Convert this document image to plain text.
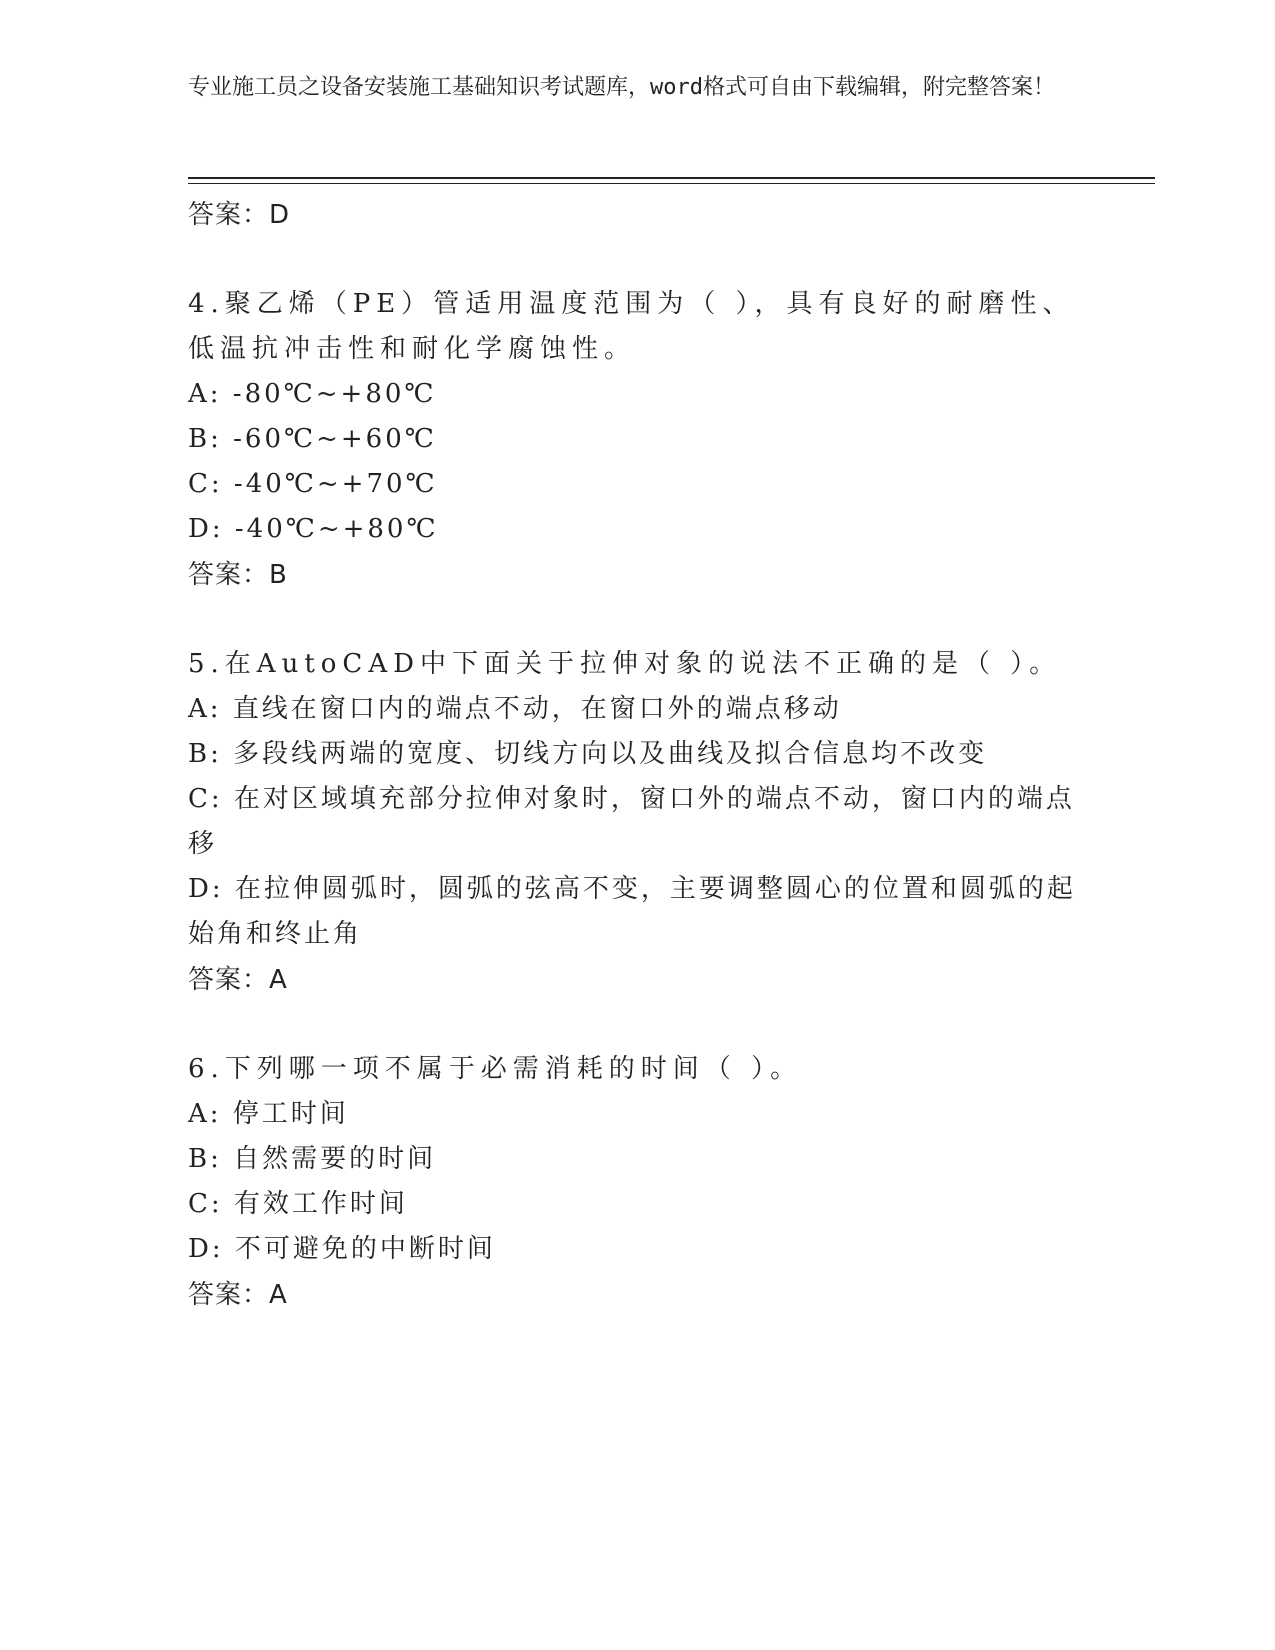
专业施工员之设备安装施工基础知识考试题库，word格式可自由下载编辑，附完整答案！
答案：D
4.聚乙烯（PE）管适用温度范围为（ ），具有良好的耐磨性、低温抗冲击性和耐化学腐蚀性。
A: -80℃~+80℃
B: -60℃~+60℃
C: -40℃~+70℃
D: -40℃~+80℃
答案：B
5.在AutoCAD中下面关于拉伸对象的说法不正确的是（ ）。
A: 直线在窗口内的端点不动，在窗口外的端点移动
B: 多段线两端的宽度、切线方向以及曲线及拟合信息均不改变
C: 在对区域填充部分拉伸对象时，窗口外的端点不动，窗口内的端点移
D: 在拉伸圆弧时，圆弧的弦高不变，主要调整圆心的位置和圆弧的起始角和终止角
答案：A
6.下列哪一项不属于必需消耗的时间（ ）。
A: 停工时间
B: 自然需要的时间
C: 有效工作时间
D: 不可避免的中断时间
答案：A
